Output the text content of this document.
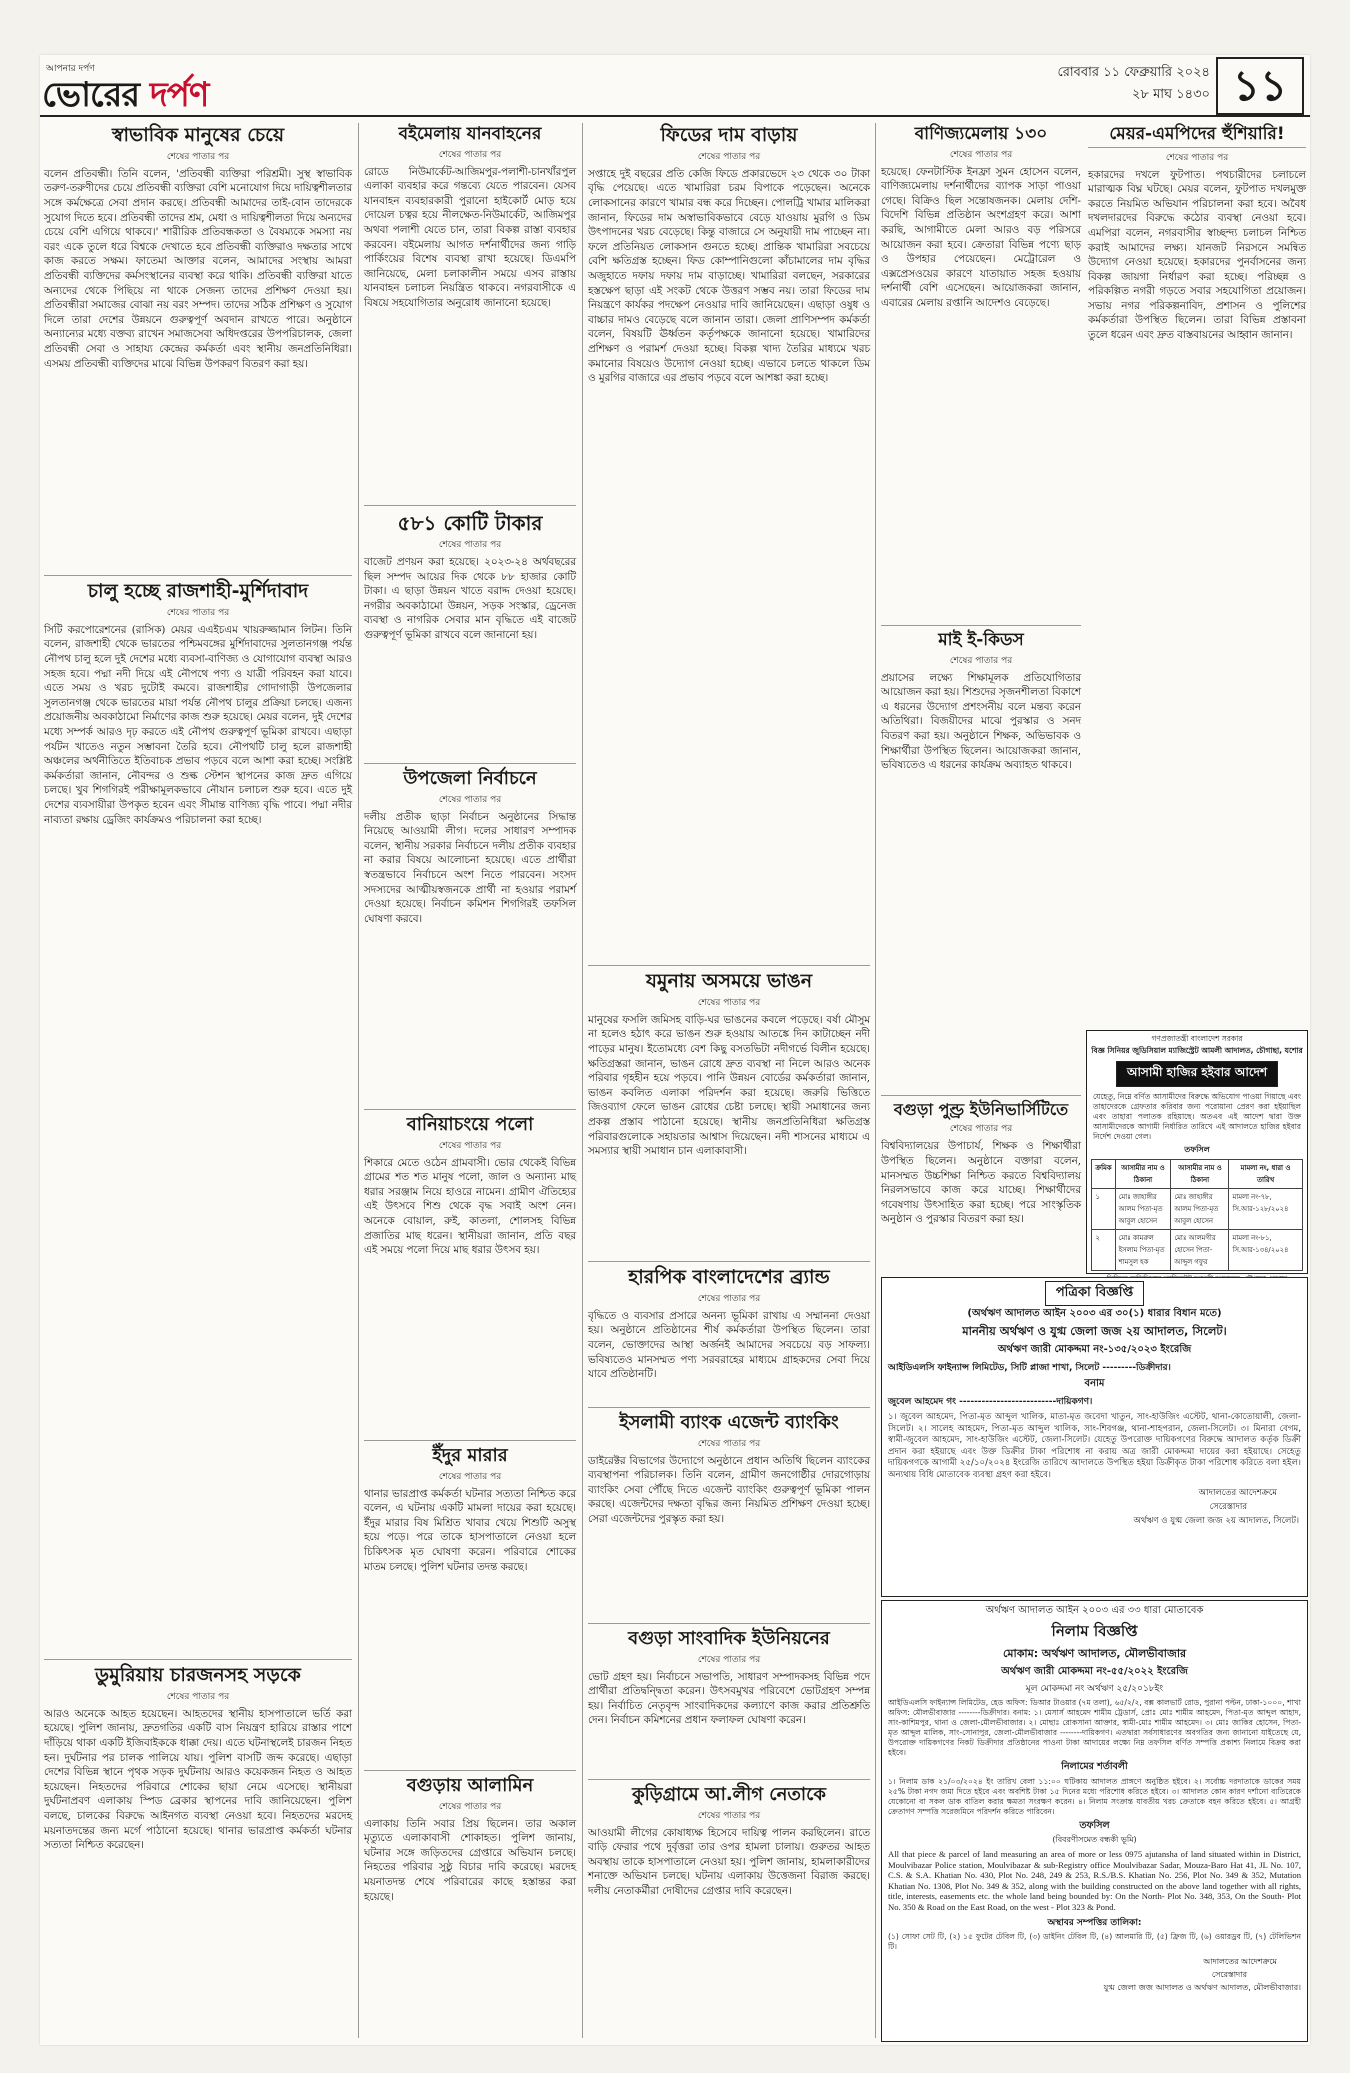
আপনার দর্পণ
ভোরের দর্পণ
রোববার ১১ ফেব্রুয়ারি ২০২৪
২৮ মাঘ ১৪৩০ ১১
স্বাভাবিক মানুষের চেয়ে
শেষের পাতার পর
বলেন প্রতিবন্ধী। তিনি বলেন, 'প্রতিবন্ধী ব্যক্তিরা পরিশ্রমী। সুস্থ স্বাভাবিক তরুণ-তরুণীদের চেয়ে প্রতিবন্ধী ব্যক্তিরা বেশি মনোযোগ দিয়ে দায়িত্বশীলতার সঙ্গে কর্মক্ষেত্রে সেবা প্রদান করছে। প্রতিবন্ধী আমাদের তাই-বোন তাদেরকে সুযোগ দিতে হবে। প্রতিবন্ধী তাদের শ্রম, মেধা ও দায়িত্বশীলতা দিয়ে অন্যদের চেয়ে বেশি এগিয়ে থাকবে।' শারীরিক প্রতিবন্ধকতা ও বৈষম্যকে সমস্যা নয় বরং একে তুলে ধরে বিশ্বকে দেখাতে হবে প্রতিবন্ধী ব্যক্তিরাও দক্ষতার সাথে কাজ করতে সক্ষম। ফাতেমা আক্তার বলেন, আমাদের সংস্থায় আমরা প্রতিবন্ধী ব্যক্তিদের কর্মসংস্থানের ব্যবস্থা করে থাকি। প্রতিবন্ধী ব্যক্তিরা যাতে অন্যদের থেকে পিছিয়ে না থাকে সেজন্য তাদের প্রশিক্ষণ দেওয়া হয়। প্রতিবন্ধীরা সমাজের বোঝা নয় বরং সম্পদ। তাদের সঠিক প্রশিক্ষণ ও সুযোগ দিলে তারা দেশের উন্নয়নে গুরুত্বপূর্ণ অবদান রাখতে পারে। অনুষ্ঠানে অন্যান্যের মধ্যে বক্তব্য রাখেন সমাজসেবা অধিদপ্তরের উপপরিচালক, জেলা প্রতিবন্ধী সেবা ও সাহায্য কেন্দ্রের কর্মকর্তা এবং স্থানীয় জনপ্রতিনিধিরা। এসময় প্রতিবন্ধী ব্যক্তিদের মাঝে বিভিন্ন উপকরণ বিতরণ করা হয়।
চালু হচ্ছে রাজশাহী-মুর্শিদাবাদ
শেষের পাতার পর
সিটি করপোরেশনের (রাসিক) মেয়র এএইচএম খায়রুজ্জামান লিটন। তিনি বলেন, রাজশাহী থেকে ভারতের পশ্চিমবঙ্গের মুর্শিদাবাদের সুলতানগঞ্জ পর্যন্ত নৌপথ চালু হলে দুই দেশের মধ্যে ব্যবসা-বাণিজ্য ও যোগাযোগ ব্যবস্থা আরও সহজ হবে। পদ্মা নদী দিয়ে এই নৌপথে পণ্য ও যাত্রী পরিবহন করা যাবে। এতে সময় ও খরচ দুটোই কমবে। রাজশাহীর গোদাগাড়ী উপজেলার সুলতানগঞ্জ থেকে ভারতের মায়া পর্যন্ত নৌপথ চালুর প্রক্রিয়া চলছে। এজন্য প্রয়োজনীয় অবকাঠামো নির্মাণের কাজ শুরু হয়েছে। মেয়র বলেন, দুই দেশের মধ্যে সম্পর্ক আরও দৃঢ় করতে এই নৌপথ গুরুত্বপূর্ণ ভূমিকা রাখবে। এছাড়া পর্যটন খাতেও নতুন সম্ভাবনা তৈরি হবে। নৌপথটি চালু হলে রাজশাহী অঞ্চলের অর্থনীতিতে ইতিবাচক প্রভাব পড়বে বলে আশা করা হচ্ছে। সংশ্লিষ্ট কর্মকর্তারা জানান, নৌবন্দর ও শুল্ক স্টেশন স্থাপনের কাজ দ্রুত এগিয়ে চলছে। খুব শিগগিরই পরীক্ষামূলকভাবে নৌযান চলাচল শুরু হবে। এতে দুই দেশের ব্যবসায়ীরা উপকৃত হবেন এবং সীমান্ত বাণিজ্য বৃদ্ধি পাবে। পদ্মা নদীর নাব্যতা রক্ষায় ড্রেজিং কার্যক্রমও পরিচালনা করা হচ্ছে।
ডুমুরিয়ায় চারজনসহ সড়কে
শেষের পাতার পর
আরও অনেকে আহত হয়েছেন। আহতদের স্থানীয় হাসপাতালে ভর্তি করা হয়েছে। পুলিশ জানায়, দ্রুতগতির একটি বাস নিয়ন্ত্রণ হারিয়ে রাস্তার পাশে দাঁড়িয়ে থাকা একটি ইজিবাইককে ধাক্কা দেয়। এতে ঘটনাস্থলেই চারজন নিহত হন। দুর্ঘটনার পর চালক পালিয়ে যায়। পুলিশ বাসটি জব্দ করেছে। এছাড়া দেশের বিভিন্ন স্থানে পৃথক সড়ক দুর্ঘটনায় আরও কয়েকজন নিহত ও আহত হয়েছেন। নিহতদের পরিবারে শোকের ছায়া নেমে এসেছে। স্থানীয়রা দুর্ঘটনাপ্রবণ এলাকায় স্পিড ব্রেকার স্থাপনের দাবি জানিয়েছেন। পুলিশ বলছে, চালকের বিরুদ্ধে আইনগত ব্যবস্থা নেওয়া হবে। নিহতদের মরদেহ ময়নাতদন্তের জন্য মর্গে পাঠানো হয়েছে। থানার ভারপ্রাপ্ত কর্মকর্তা ঘটনার সত্যতা নিশ্চিত করেছেন।
বইমেলায় যানবাহনের
শেষের পাতার পর
রোডে নিউমার্কেট-আজিমপুর-পলাশী-চানখাঁরপুল এলাকা ব্যবহার করে গন্তব্যে যেতে পারবেন। যেসব যানবাহন ব্যবহারকারী পুরানো হাইকোর্ট মোড় হয়ে দোয়েল চত্বর হয়ে নীলক্ষেত-নিউমার্কেট, আজিমপুর অথবা পলাশী যেতে চান, তারা বিকল্প রাস্তা ব্যবহার করবেন। বইমেলায় আগত দর্শনার্থীদের জন্য গাড়ি পার্কিংয়ের বিশেষ ব্যবস্থা রাখা হয়েছে। ডিএমপি জানিয়েছে, মেলা চলাকালীন সময়ে এসব রাস্তায় যানবাহন চলাচল নিয়ন্ত্রিত থাকবে। নগরবাসীকে এ বিষয়ে সহযোগিতার অনুরোধ জানানো হয়েছে।
৫৮১ কোটি টাকার
শেষের পাতার পর
বাজেট প্রণয়ন করা হয়েছে। ২০২৩-২৪ অর্থবছরের ছিল সম্পদ আয়ের দিক থেকে ৮৮ হাজার কোটি টাকা। এ ছাড়া উন্নয়ন খাতে বরাদ্দ দেওয়া হয়েছে। নগরীর অবকাঠামো উন্নয়ন, সড়ক সংস্কার, ড্রেনেজ ব্যবস্থা ও নাগরিক সেবার মান বৃদ্ধিতে এই বাজেট গুরুত্বপূর্ণ ভূমিকা রাখবে বলে জানানো হয়।
উপজেলা নির্বাচনে
শেষের পাতার পর
দলীয় প্রতীক ছাড়া নির্বাচন অনুষ্ঠানের সিদ্ধান্ত নিয়েছে আওয়ামী লীগ। দলের সাধারণ সম্পাদক বলেন, স্থানীয় সরকার নির্বাচনে দলীয় প্রতীক ব্যবহার না করার বিষয়ে আলোচনা হয়েছে। এতে প্রার্থীরা স্বতন্ত্রভাবে নির্বাচনে অংশ নিতে পারবেন। সংসদ সদস্যদের আত্মীয়স্বজনকে প্রার্থী না হওয়ার পরামর্শ দেওয়া হয়েছে। নির্বাচন কমিশন শিগগিরই তফসিল ঘোষণা করবে।
বানিয়াচংয়ে পলো
শেষের পাতার পর
শিকারে মেতে ওঠেন গ্রামবাসী। ভোর থেকেই বিভিন্ন গ্রামের শত শত মানুষ পলো, জাল ও অন্যান্য মাছ ধরার সরঞ্জাম নিয়ে হাওরে নামেন। গ্রামীণ ঐতিহ্যের এই উৎসবে শিশু থেকে বৃদ্ধ সবাই অংশ নেন। অনেকে বোয়াল, রুই, কাতলা, শোলসহ বিভিন্ন প্রজাতির মাছ ধরেন। স্থানীয়রা জানান, প্রতি বছর এই সময়ে পলো দিয়ে মাছ ধরার উৎসব হয়।
ইঁদুর মারার
শেষের পাতার পর
থানার ভারপ্রাপ্ত কর্মকর্তা ঘটনার সত্যতা নিশ্চিত করে বলেন, এ ঘটনায় একটি মামলা দায়ের করা হয়েছে। ইঁদুর মারার বিষ মিশ্রিত খাবার খেয়ে শিশুটি অসুস্থ হয়ে পড়ে। পরে তাকে হাসপাতালে নেওয়া হলে চিকিৎসক মৃত ঘোষণা করেন। পরিবারে শোকের মাতম চলছে। পুলিশ ঘটনার তদন্ত করছে।
বগুড়ায় আলামিন
শেষের পাতার পর
এলাকায় তিনি সবার প্রিয় ছিলেন। তার অকাল মৃত্যুতে এলাকাবাসী শোকাহত। পুলিশ জানায়, ঘটনার সঙ্গে জড়িতদের গ্রেপ্তারে অভিযান চলছে। নিহতের পরিবার সুষ্ঠু বিচার দাবি করেছে। মরদেহ ময়নাতদন্ত শেষে পরিবারের কাছে হস্তান্তর করা হয়েছে।
ফিডের দাম বাড়ায়
শেষের পাতার পর
সপ্তাহে দুই বছরের প্রতি কেজি ফিডে প্রকারভেদে ২৩ থেকে ৩০ টাকা বৃদ্ধি পেয়েছে। এতে খামারিরা চরম বিপাকে পড়েছেন। অনেকে লোকসানের কারণে খামার বন্ধ করে দিচ্ছেন। পোলট্রি খামার মালিকরা জানান, ফিডের দাম অস্বাভাবিকভাবে বেড়ে যাওয়ায় মুরগি ও ডিম উৎপাদনের খরচ বেড়েছে। কিন্তু বাজারে সে অনুযায়ী দাম পাচ্ছেন না। ফলে প্রতিনিয়ত লোকসান গুনতে হচ্ছে। প্রান্তিক খামারিরা সবচেয়ে বেশি ক্ষতিগ্রস্ত হচ্ছেন। ফিড কোম্পানিগুলো কাঁচামালের দাম বৃদ্ধির অজুহাতে দফায় দফায় দাম বাড়াচ্ছে। খামারিরা বলছেন, সরকারের হস্তক্ষেপ ছাড়া এই সংকট থেকে উত্তরণ সম্ভব নয়। তারা ফিডের দাম নিয়ন্ত্রণে কার্যকর পদক্ষেপ নেওয়ার দাবি জানিয়েছেন। এছাড়া ওষুধ ও বাচ্চার দামও বেড়েছে বলে জানান তারা। জেলা প্রাণিসম্পদ কর্মকর্তা বলেন, বিষয়টি ঊর্ধ্বতন কর্তৃপক্ষকে জানানো হয়েছে। খামারিদের প্রশিক্ষণ ও পরামর্শ দেওয়া হচ্ছে। বিকল্প খাদ্য তৈরির মাধ্যমে খরচ কমানোর বিষয়েও উদ্যোগ নেওয়া হচ্ছে। এভাবে চলতে থাকলে ডিম ও মুরগির বাজারে এর প্রভাব পড়বে বলে আশঙ্কা করা হচ্ছে।
যমুনায় অসময়ে ভাঙন
শেষের পাতার পর
মানুষের ফসলি জমিসহ বাড়ি-ঘর ভাঙনের কবলে পড়েছে। বর্ষা মৌসুম না হলেও হঠাৎ করে ভাঙন শুরু হওয়ায় আতঙ্কে দিন কাটাচ্ছেন নদী পাড়ের মানুষ। ইতোমধ্যে বেশ কিছু বসতভিটা নদীগর্ভে বিলীন হয়েছে। ক্ষতিগ্রস্তরা জানান, ভাঙন রোধে দ্রুত ব্যবস্থা না নিলে আরও অনেক পরিবার গৃহহীন হয়ে পড়বে। পানি উন্নয়ন বোর্ডের কর্মকর্তারা জানান, ভাঙন কবলিত এলাকা পরিদর্শন করা হয়েছে। জরুরি ভিত্তিতে জিওব্যাগ ফেলে ভাঙন রোধের চেষ্টা চলছে। স্থায়ী সমাধানের জন্য প্রকল্প প্রস্তাব পাঠানো হয়েছে। স্থানীয় জনপ্রতিনিধিরা ক্ষতিগ্রস্ত পরিবারগুলোকে সহায়তার আশ্বাস দিয়েছেন। নদী শাসনের মাধ্যমে এ সমস্যার স্থায়ী সমাধান চান এলাকাবাসী।
হারপিক বাংলাদেশের ব্র্যান্ড
শেষের পাতার পর
বৃদ্ধিতে ও ব্যবসার প্রসারে অনন্য ভূমিকা রাখায় এ সম্মাননা দেওয়া হয়। অনুষ্ঠানে প্রতিষ্ঠানের শীর্ষ কর্মকর্তারা উপস্থিত ছিলেন। তারা বলেন, ভোক্তাদের আস্থা অর্জনই আমাদের সবচেয়ে বড় সাফল্য। ভবিষ্যতেও মানসম্মত পণ্য সরবরাহের মাধ্যমে গ্রাহকদের সেবা দিয়ে যাবে প্রতিষ্ঠানটি।
ইসলামী ব্যাংক এজেন্ট ব্যাংকিং
শেষের পাতার পর
ডাইরেক্টর বিভাগের উদ্যোগে অনুষ্ঠানে প্রধান অতিথি ছিলেন ব্যাংকের ব্যবস্থাপনা পরিচালক। তিনি বলেন, গ্রামীণ জনগোষ্ঠীর দোরগোড়ায় ব্যাংকিং সেবা পৌঁছে দিতে এজেন্ট ব্যাংকিং গুরুত্বপূর্ণ ভূমিকা পালন করছে। এজেন্টদের দক্ষতা বৃদ্ধির জন্য নিয়মিত প্রশিক্ষণ দেওয়া হচ্ছে। সেরা এজেন্টদের পুরস্কৃত করা হয়।
বগুড়া সাংবাদিক ইউনিয়নের
শেষের পাতার পর
ভোট গ্রহণ হয়। নির্বাচনে সভাপতি, সাধারণ সম্পাদকসহ বিভিন্ন পদে প্রার্থীরা প্রতিদ্বন্দ্বিতা করেন। উৎসবমুখর পরিবেশে ভোটগ্রহণ সম্পন্ন হয়। নির্বাচিত নেতৃবৃন্দ সাংবাদিকদের কল্যাণে কাজ করার প্রতিশ্রুতি দেন। নির্বাচন কমিশনের প্রধান ফলাফল ঘোষণা করেন।
কুড়িগ্রামে আ.লীগ নেতাকে
শেষের পাতার পর
আওয়ামী লীগের কোষাধ্যক্ষ হিসেবে দায়িত্ব পালন করছিলেন। রাতে বাড়ি ফেরার পথে দুর্বৃত্তরা তার ওপর হামলা চালায়। গুরুতর আহত অবস্থায় তাকে হাসপাতালে নেওয়া হয়। পুলিশ জানায়, হামলাকারীদের শনাক্তে অভিযান চলছে। ঘটনায় এলাকায় উত্তেজনা বিরাজ করছে। দলীয় নেতাকর্মীরা দোষীদের গ্রেপ্তার দাবি করেছেন।
বাণিজ্যমেলায় ১৩০
শেষের পাতার পর
হয়েছে। ফেনটাস্টিক ইনফ্রা সুমন হোসেন বলেন, বাণিজ্যমেলায় দর্শনার্থীদের ব্যাপক সাড়া পাওয়া গেছে। বিক্রিও ছিল সন্তোষজনক। মেলায় দেশি-বিদেশি বিভিন্ন প্রতিষ্ঠান অংশগ্রহণ করে। আশা করছি, আগামীতে মেলা আরও বড় পরিসরে আয়োজন করা হবে। ক্রেতারা বিভিন্ন পণ্যে ছাড় ও উপহার পেয়েছেন। মেট্রোরেল ও এক্সপ্রেসওয়ের কারণে যাতায়াত সহজ হওয়ায় দর্শনার্থী বেশি এসেছেন। আয়োজকরা জানান, এবারের মেলায় রপ্তানি আদেশও বেড়েছে।
মাই ই-কিডস
শেষের পাতার পর
প্রয়াসের লক্ষ্যে শিক্ষামূলক প্রতিযোগিতার আয়োজন করা হয়। শিশুদের সৃজনশীলতা বিকাশে এ ধরনের উদ্যোগ প্রশংসনীয় বলে মন্তব্য করেন অতিথিরা। বিজয়ীদের মাঝে পুরস্কার ও সনদ বিতরণ করা হয়। অনুষ্ঠানে শিক্ষক, অভিভাবক ও শিক্ষার্থীরা উপস্থিত ছিলেন। আয়োজকরা জানান, ভবিষ্যতেও এ ধরনের কার্যক্রম অব্যাহত থাকবে।
বগুড়া পুণ্ড্র ইউনিভার্সিটিতে
শেষের পাতার পর
বিশ্ববিদ্যালয়ের উপাচার্য, শিক্ষক ও শিক্ষার্থীরা উপস্থিত ছিলেন। অনুষ্ঠানে বক্তারা বলেন, মানসম্মত উচ্চশিক্ষা নিশ্চিত করতে বিশ্ববিদ্যালয় নিরলসভাবে কাজ করে যাচ্ছে। শিক্ষার্থীদের গবেষণায় উৎসাহিত করা হচ্ছে। পরে সাংস্কৃতিক অনুষ্ঠান ও পুরস্কার বিতরণ করা হয়।
মেয়র-এমপিদের হুঁশিয়ারি!
শেষের পাতার পর
হকারদের দখলে ফুটপাত। পথচারীদের চলাচলে মারাত্মক বিঘ্ন ঘটছে। মেয়র বলেন, ফুটপাত দখলমুক্ত করতে নিয়মিত অভিযান পরিচালনা করা হবে। অবৈধ দখলদারদের বিরুদ্ধে কঠোর ব্যবস্থা নেওয়া হবে। এমপিরা বলেন, নগরবাসীর স্বাচ্ছন্দ্য চলাচল নিশ্চিত করাই আমাদের লক্ষ্য। যানজট নিরসনে সমন্বিত উদ্যোগ নেওয়া হয়েছে। হকারদের পুনর্বাসনের জন্য বিকল্প জায়গা নির্ধারণ করা হচ্ছে। পরিচ্ছন্ন ও পরিকল্পিত নগরী গড়তে সবার সহযোগিতা প্রয়োজন। সভায় নগর পরিকল্পনাবিদ, প্রশাসন ও পুলিশের কর্মকর্তারা উপস্থিত ছিলেন। তারা বিভিন্ন প্রস্তাবনা তুলে ধরেন এবং দ্রুত বাস্তবায়নের আহ্বান জানান।
গণপ্রজাতন্ত্রী বাংলাদেশ সরকার
বিজ্ঞ সিনিয়র জুডিসিয়াল ম্যাজিস্ট্রেট আমলী আদালত, চৌগাছা, যশোর
আসামী হাজির হইবার আদেশ
যেহেতু, নিম্নে বর্ণিত আসামীদের বিরুদ্ধে অভিযোগ পাওয়া গিয়াছে এবং তাহাদেরকে গ্রেফতার করিবার জন্য পরোয়ানা প্রেরণ করা হইয়াছিল এবং তাহারা পলাতক রহিয়াছে। অতএব এই আদেশ দ্বারা উক্ত আসামীদেরকে আগামী নির্ধারিত তারিখে এই আদালতে হাজির হইবার নির্দেশ দেওয়া গেল।
তফসিল
ক্রমিক	আসামীর নাম ও ঠিকানা	আসামীর নাম ও ঠিকানা	মামলা নং, ধারা ও তারিখ
১	মোঃ জাহাঙ্গীর আলম পিতা-মৃত আবুল হোসেন	মোঃ জাহাঙ্গীর আলম পিতা-মৃত আবুল হোসেন	মামলা নং-৭৮, সি.আর-১২৮/২০২৪
২	মোঃ কামরুল ইসলাম পিতা-মৃত শামসুল হক	মোঃ আলমগীর হোসেন পিতা-আব্দুল গফুর	মামলা নং-৮১, সি.আর-১৩৪/২০২৪
পত্রিকা বিজ্ঞপ্তি
(অর্থঋণ আদালত আইন ২০০৩ এর ৩০(১) ধারার বিধান মতে)
মাননীয় অর্থঋণ ও যুগ্ম জেলা জজ ২য় আদালত, সিলেট।
অর্থঋণ জারী মোকদ্দমা নং-১৩৫/২০২৩ ইংরেজি
আইডিএলসি ফাইন্যান্স লিমিটেড, সিটি প্লাজা শাখা, সিলেট ---------ডিক্রীদার।
বনাম
জুবেল আহমেদ গং --------------------------দায়িকগণ।
১। জুবেল আহমেদ, পিতা-মৃত আব্দুল খালিক, মাতা-মৃত জবেদা খাতুন, সাং-হাউজিং এস্টেট, থানা-কোতোয়ালী, জেলা-সিলেট। ২। সালেহ আহমেদ, পিতা-মৃত আব্দুল খালিক, সাং-শিবগঞ্জ, থানা-শাহপরান, জেলা-সিলেট। ৩। মিনারা বেগম, স্বামী-জুবেল আহমেদ, সাং-হাউজিং এস্টেট, জেলা-সিলেট। যেহেতু উপরোক্ত দায়িকগণের বিরুদ্ধে আদালত কর্তৃক ডিক্রী প্রদান করা হইয়াছে এবং উক্ত ডিক্রীর টাকা পরিশোধ না করায় অত্র জারী মোকদ্দমা দায়ের করা হইয়াছে। সেহেতু দায়িকগণকে আগামী ২৫/১০/২০২৪ ইংরেজি তারিখে আদালতে উপস্থিত হইয়া ডিক্রীকৃত টাকা পরিশোধ করিতে বলা হইল। অন্যথায় বিধি মোতাবেক ব্যবস্থা গ্রহণ করা হইবে।
আদালতের আদেশক্রমে
সেরেস্তাদার
অর্থঋণ ও যুগ্ম জেলা জজ ২য় আদালত, সিলেট।
অর্থঋণ আদালত আইন ২০০৩ এর ৩৩ ধারা মোতাবেক
নিলাম বিজ্ঞপ্তি
মোকাম: অর্থঋণ আদালত, মৌলভীবাজার
অর্থঋণ জারী মোকদ্দমা নং-৫৫/২০২২ ইংরেজি
মূল মোকদ্দমা নং অর্থঋণ ২৫/২০১৮ইং
আইডিএলসি ফাইন্যান্স লিমিটেড, হেড অফিস: ডিআর টাওয়ার (৭ম তলা), ৬৫/২/২, বক্স কালভার্ট রোড, পুরানা পল্টন, ঢাকা-১০০০, শাখা অফিস: মৌলভীবাজার --------ডিক্রীদার। বনাম: ১। মেসার্স আহমেদ শামীম ট্রেডার্স, প্রোঃ মোঃ শামীম আহমেদ, পিতা-মৃত আব্দুল আহাদ, সাং-কাশিমপুর, থানা ও জেলা-মৌলভীবাজার। ২। মোছাঃ রোকসানা আক্তার, স্বামী-মোঃ শামীম আহমেদ। ৩। মোঃ জাকির হোসেন, পিতা-মৃত আব্দুল মালিক, সাং-সোনাপুর, জেলা-মৌলভীবাজার --------দায়িকগণ। এতদ্বারা সর্বসাধারণের অবগতির জন্য জানানো যাইতেছে যে, উপরোক্ত দায়িকগণের নিকট ডিক্রীদার প্রতিষ্ঠানের পাওনা টাকা আদায়ের লক্ষ্যে নিম্ন তফসিল বর্ণিত সম্পত্তি প্রকাশ্য নিলামে বিক্রয় করা হইবে।
নিলামের শর্তাবলী
১। নিলাম ডাক ২১/০৩/২০২৪ ইং তারিখ বেলা ১১:০০ ঘটিকায় আদালত প্রাঙ্গণে অনুষ্ঠিত হইবে। ২। সর্বোচ্চ দরদাতাকে ডাকের সময় ২৫% টাকা নগদ জমা দিতে হইবে এবং অবশিষ্ট টাকা ১৫ দিনের মধ্যে পরিশোধ করিতে হইবে। ৩। আদালত কোন কারণ দর্শানো ব্যতিরেকে যেকোনো বা সকল ডাক বাতিল করার ক্ষমতা সংরক্ষণ করেন। ৪। নিলাম সংক্রান্ত যাবতীয় খরচ ক্রেতাকে বহন করিতে হইবে। ৫। আগ্রহী ক্রেতাগণ সম্পত্তি সরেজমিনে পরিদর্শন করিতে পারিবেন।
তফসিল
(বিবরণীসমেত বন্ধকী ভূমি)
All that piece & parcel of land measuring an area of more or less 0975 ajutansha of land situated within in District, Moulvibazar Police station, Moulvibazar & sub-Registry office Moulvibazar Sadar, Mouza-Baro Hat 41, JL No. 107, C.S. & S.A. Khatian No. 430, Plot No. 248, 249 & 253, R.S./B.S. Khatian No. 256, Plot No. 349 & 352, Mutation Khatian No. 1308, Plot No. 349 & 352, along with the building constructed on the above land together with all rights, title, interests, easements etc. the whole land being bounded by: On the North- Plot No. 348, 353, On the South- Plot No. 350 & Road on the East Road, on the west - Plot 323 & Pond.
অস্থাবর সম্পত্তির তালিকা:
(১) সোফা সেট টি, (২) ১৫ ফুটের টেবিল টি, (৩) ডাইনিং টেবিল টি, (৪) আলমারি টি, (৫) ফ্রিজ টি, (৬) ওয়ারড্রব টি, (৭) টেলিভিশন টি।
আদালতের আদেশক্রমে
সেরেস্তাদার
যুগ্ম জেলা জজ আদালত ও অর্থঋণ আদালত, মৌলভীবাজার।
